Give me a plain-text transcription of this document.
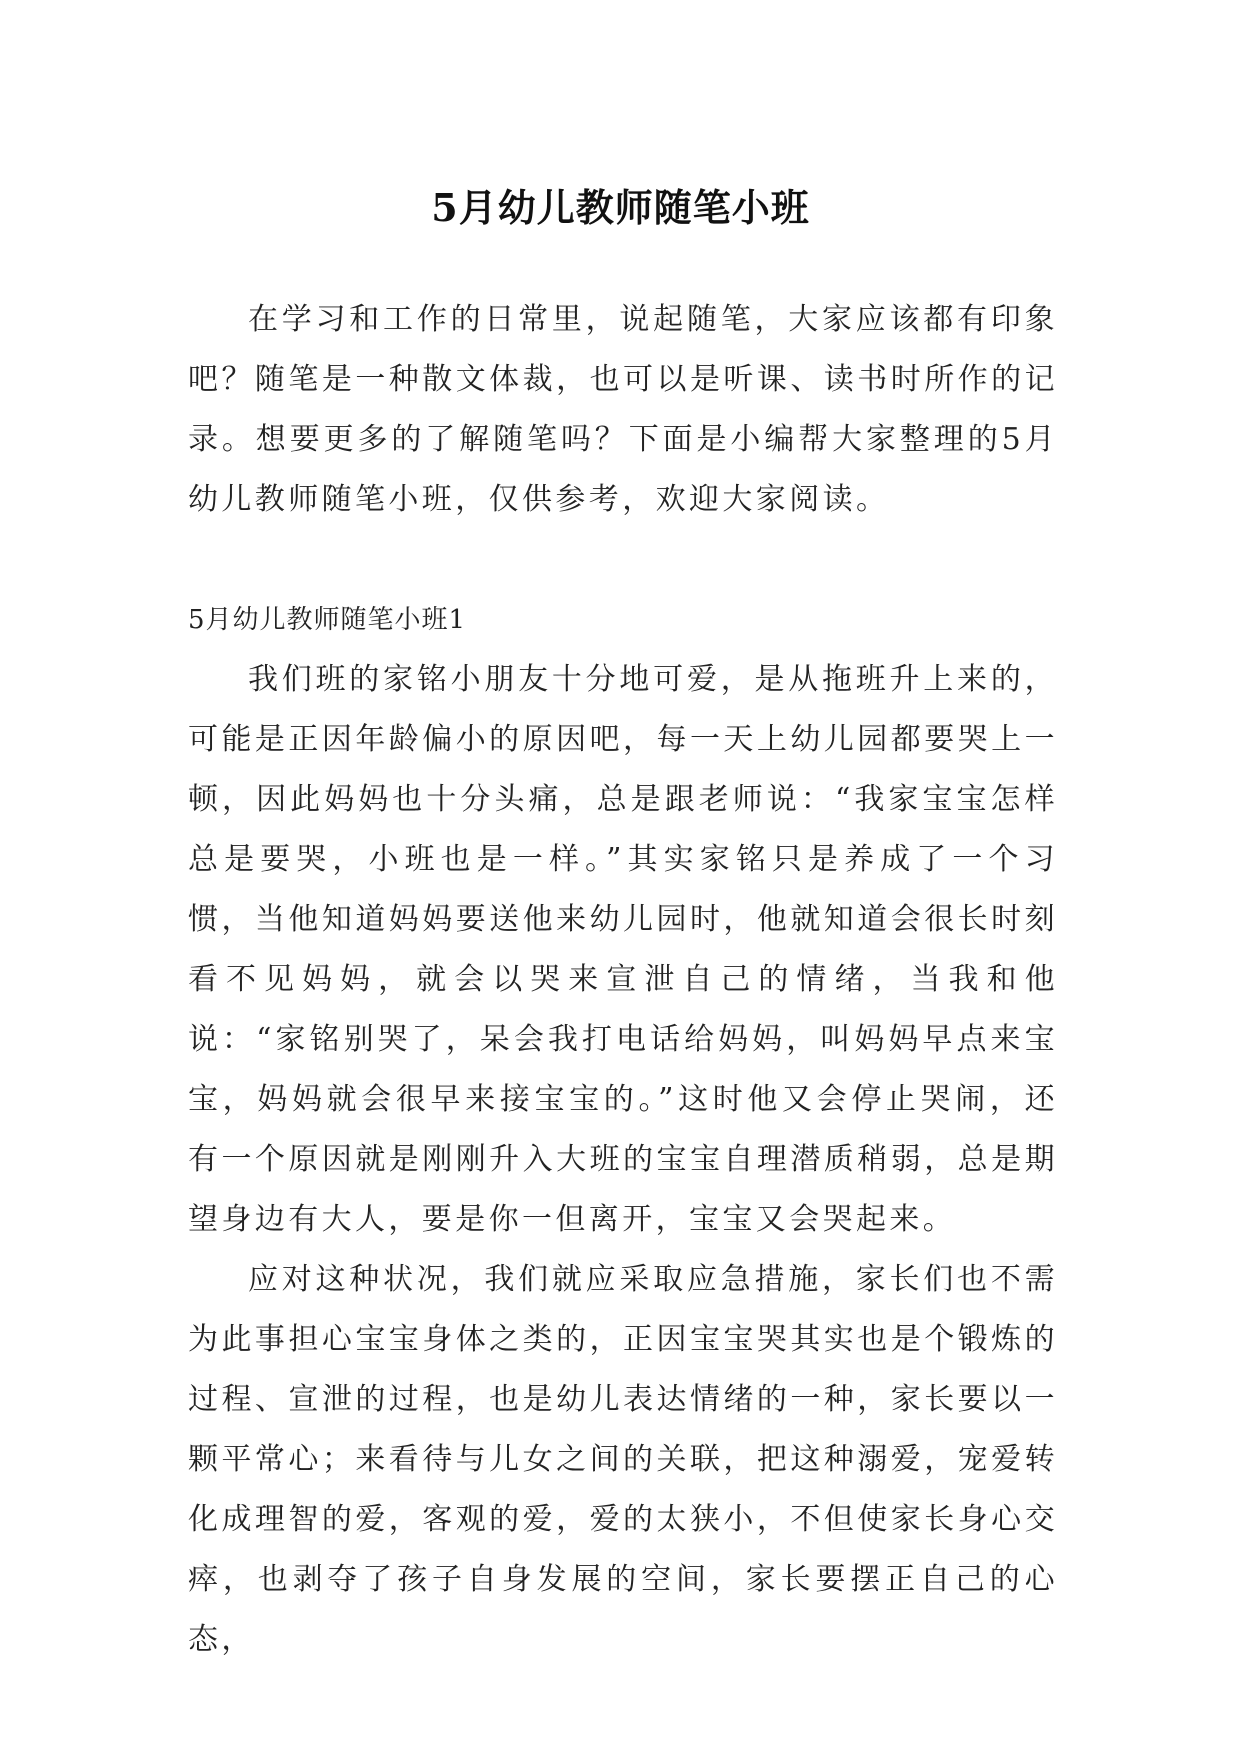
5月幼儿教师随笔小班

在学习和工作的日常里，说起随笔，大家应该都有印象吧？随笔是一种散文体裁，也可以是听课、读书时所作的记录。想要更多的了解随笔吗？下面是小编帮大家整理的5月幼儿教师随笔小班，仅供参考，欢迎大家阅读。

5月幼儿教师随笔小班1

我们班的家铭小朋友十分地可爱，是从拖班升上来的，可能是正因年龄偏小的原因吧，每一天上幼儿园都要哭上一顿，因此妈妈也十分头痛，总是跟老师说：“我家宝宝怎样总是要哭，小班也是一样。”其实家铭只是养成了一个习惯，当他知道妈妈要送他来幼儿园时，他就知道会很长时刻看不见妈妈，就会以哭来宣泄自己的情绪，当我和他说：“家铭别哭了，呆会我打电话给妈妈，叫妈妈早点来宝宝，妈妈就会很早来接宝宝的。”这时他又会停止哭闹，还有一个原因就是刚刚升入大班的宝宝自理潜质稍弱，总是期望身边有大人，要是你一但离开，宝宝又会哭起来。

应对这种状况，我们就应采取应急措施，家长们也不需为此事担心宝宝身体之类的，正因宝宝哭其实也是个锻炼的过程、宣泄的过程，也是幼儿表达情绪的一种，家长要以一颗平常心；来看待与儿女之间的关联，把这种溺爱，宠爱转化成理智的爱，客观的爱，爱的太狭小，不但使家长身心交瘁，也剥夺了孩子自身发展的空间，家长要摆正自己的心态，
